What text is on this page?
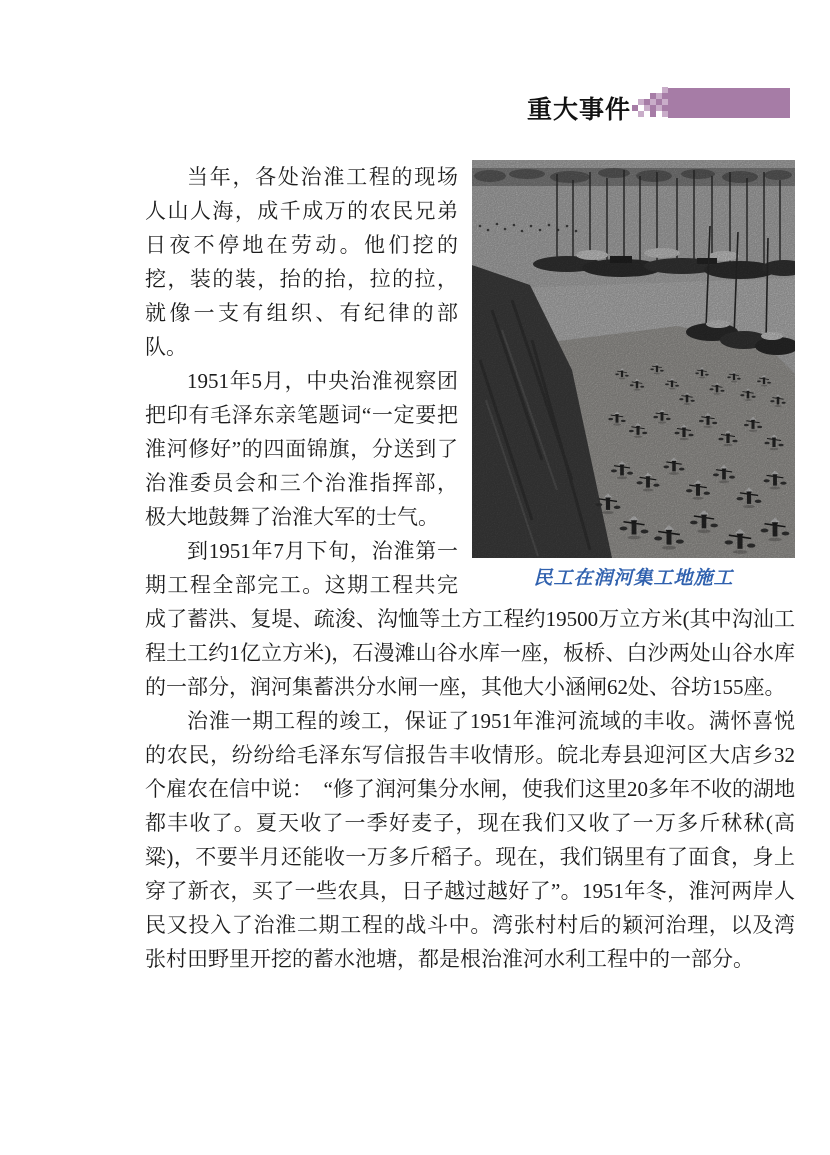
重大事件
民工在润河集工地施工

当年，各处治淮工程的现场人山人海，成千成万的农民兄弟日夜不停地在劳动。他们挖的挖，装的装，抬的抬，拉的拉，就像一支有组织、有纪律的部队。

1951年5月，中央治淮视察团把印有毛泽东亲笔题词“一定要把淮河修好”的四面锦旗，分送到了治淮委员会和三个治淮指挥部，极大地鼓舞了治淮大军的士气。

到1951年7月下旬，治淮第一期工程全部完工。这期工程共完成了蓄洪、复堤、疏浚、沟恤等土方工程约19500万立方米(其中沟汕工程土工约1亿立方米)，石漫滩山谷水库一座，板桥、白沙两处山谷水库的一部分，润河集蓄洪分水闸一座，其他大小涵闸62处、谷坊155座。

治淮一期工程的竣工，保证了1951年淮河流域的丰收。满怀喜悦的农民，纷纷给毛泽东写信报告丰收情形。皖北寿县迎河区大店乡32个雇农在信中说：　“修了润河集分水闸，使我们这里20多年不收的湖地都丰收了。夏天收了一季好麦子，现在我们又收了一万多斤秫秫(高粱)，不要半月还能收一万多斤稻子。现在，我们锅里有了面食，身上穿了新衣，买了一些农具，日子越过越好了”。1951年冬，淮河两岸人民又投入了治淮二期工程的战斗中。湾张村村后的颖河治理，以及湾张村田野里开挖的蓄水池塘，都是根治淮河水利工程中的一部分。
